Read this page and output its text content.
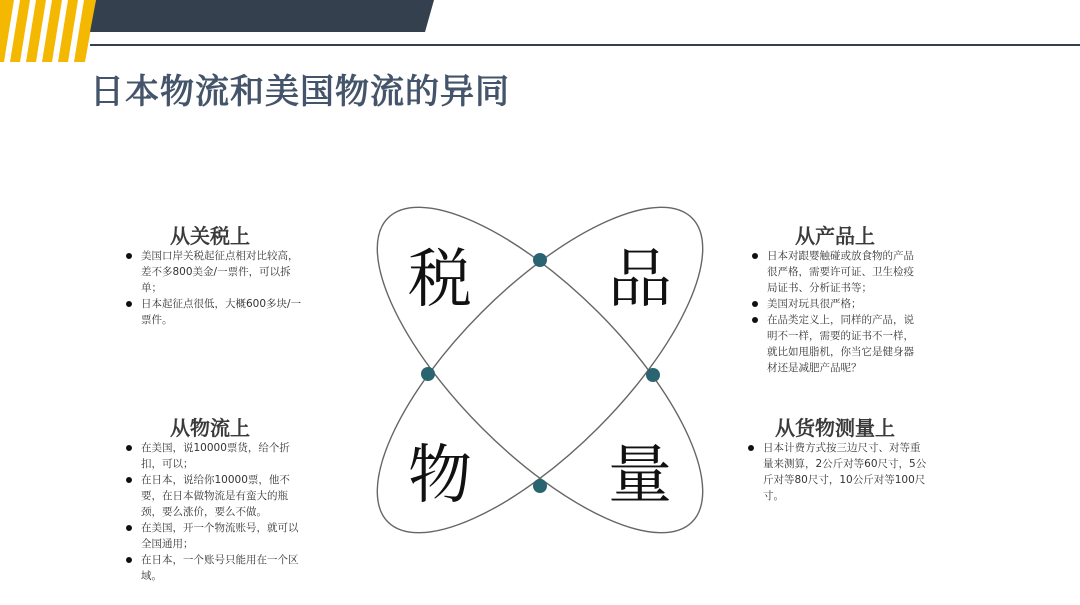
日本物流和美国物流的异同
税 品
物 量
从关税上
美国口岸关税起征点相对比较高，差不多800美金/一票件，可以拆单；
日本起征点很低，大概600多块/一票件。
从产品上
日本对跟婴触碰或放食物的产品很严格，需要许可证、卫生检疫局证书、分析证书等；
美国对玩具很严格；
在品类定义上，同样的产品，说明不一样，需要的证书不一样，就比如甩脂机，你当它是健身器材还是减肥产品呢？
从物流上
在美国，说10000票货，给个折扣，可以；
在日本，说给你10000票，他不要，在日本做物流是有蛮大的瓶颈，要么涨价，要么不做。
在美国，开一个物流账号，就可以全国通用；
在日本，一个账号只能用在一个区域。
从货物测量上
日本计费方式按三边尺寸、对等重量来测算，2公斤对等60尺寸，5公斤对等80尺寸，10公斤对等100尺寸。
